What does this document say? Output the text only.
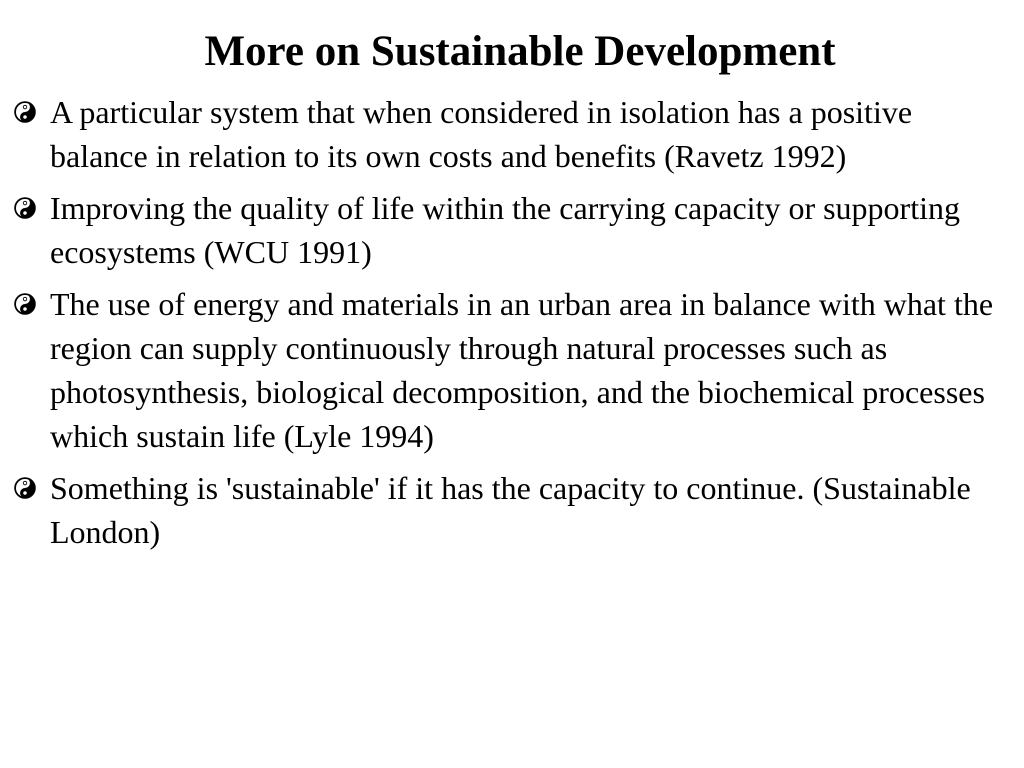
More on Sustainable Development

A particular system that when considered in isolation has a positive balance in relation to its own costs and benefits (Ravetz 1992)

Improving the quality of life within the carrying capacity or supporting ecosystems (WCU 1991)

The use of energy and materials in an urban area in balance with what the region can supply continuously through natural processes such as photosynthesis, biological decomposition, and the biochemical processes which sustain life (Lyle 1994)

Something is 'sustainable' if it has the capacity to continue. (Sustainable London)
